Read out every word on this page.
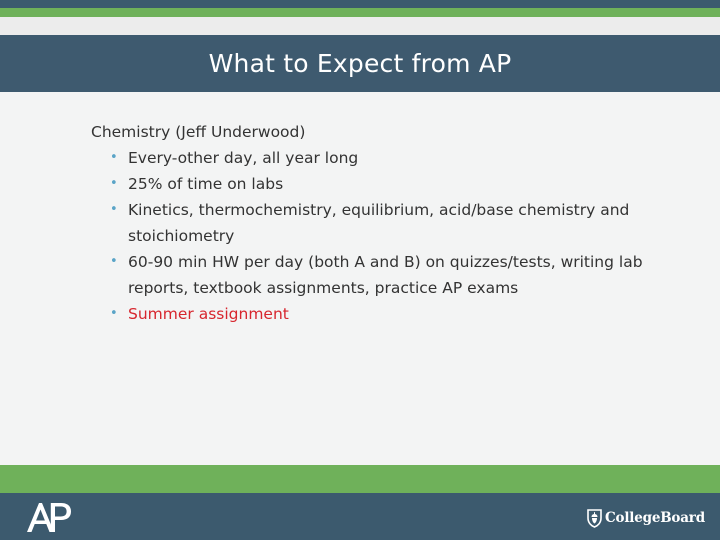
What to Expect from AP
Chemistry (Jeff Underwood)
• Every-other day, all year long
• 25% of time on labs
• Kinetics, thermochemistry, equilibrium, acid/base chemistry and stoichiometry
• 60-90 min HW per day (both A and B) on quizzes/tests, writing lab reports, textbook assignments, practice AP exams
• Summer assignment
CollegeBoard
